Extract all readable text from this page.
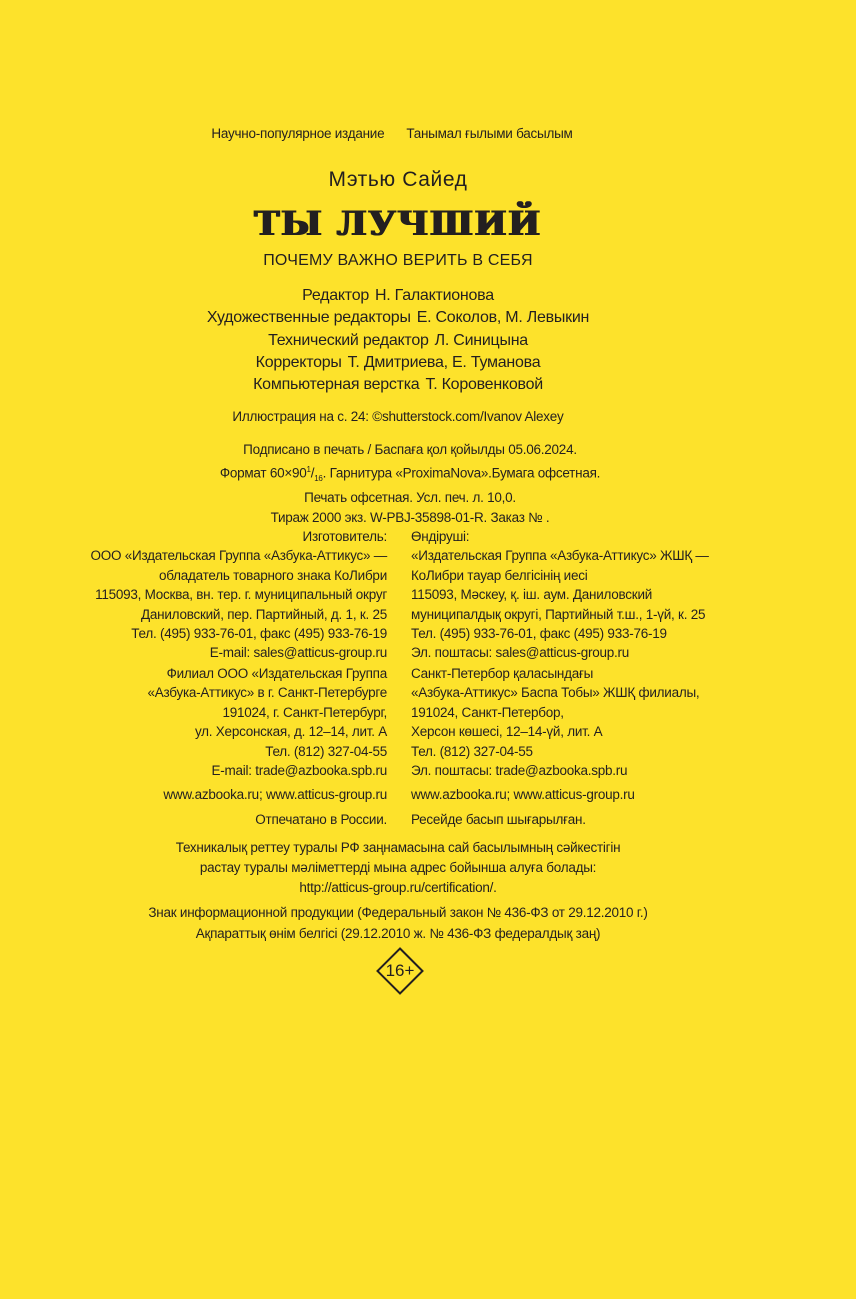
Научно-популярное издание Танымал ғылыми басылым
Мэтью Сайед
ТЫ ЛУЧШИЙ
ПОЧЕМУ ВАЖНО ВЕРИТЬ В СЕБЯ
Редактор Н. Галактионова
Художественные редакторы Е. Соколов, М. Левыкин
Технический редактор Л. Синицына
Корректоры Т. Дмитриева, Е. Туманова
Компьютерная верстка Т. Коровенковой
Иллюстрация на с. 24: ©shutterstock.com/Ivanov Alexey
Подписано в печать / Баспаға қол қойылды 05.06.2024.
Формат $60\times 90^1/_{16}$. Гарнитура «ProximaNova».Бумага офсетная.
Печать офсетная. Усл. печ. л. 10,0.
Тираж 2000 экз. W-PBJ-35898-01-R. Заказ № .
Изготовитель:
ООО «Издательская Группа «Азбука-Аттикус» —
обладатель товарного знака КоЛибри
115093, Москва, вн. тер. г. муниципальный округ
Даниловский, пер. Партийный, д. 1, к. 25
Тел. (495) 933-76-01, факс (495) 933-76-19
E-mail: sales@atticus-group.ru
Өндіруші:
«Издательская Группа «Азбука-Аттикус» ЖШҚ —
КоЛибри тауар белгісінің иесі
115093, Мәскеу, қ. іш. аум. Даниловский
муниципалдық округі, Партийный т.ш., 1-үй, к. 25
Тел. (495) 933-76-01, факс (495) 933-76-19
Эл. поштасы: sales@atticus-group.ru
Филиал ООО «Издательская Группа
«Азбука-Аттикус» в г. Санкт-Петербурге
191024, г. Санкт-Петербург,
ул. Херсонская, д. 12–14, лит. А
Тел. (812) 327-04-55
E-mail: trade@azbooka.spb.ru
Санкт-Петербор қаласындағы
«Азбука-Аттикус» Баспа Тобы» ЖШҚ филиалы,
191024, Санкт-Петербор,
Херсон көшесі, 12–14-үй, лит. А
Тел. (812) 327-04-55
Эл. поштасы: trade@azbooka.spb.ru
www.azbooka.ru; www.atticus-group.ru www.azbooka.ru; www.atticus-group.ru
Отпечатано в России. Ресейде басып шығарылған.
Техникалық реттеу туралы РФ заңнамасына сай басылымның сәйкестігін
растау туралы мәліметтерді мына адрес бойынша алуға болады:
http://atticus-group.ru/certification/.
Знак информационной продукции (Федеральный закон № 436-ФЗ от 29.12.2010 г.)
Ақпараттық өнім белгісі (29.12.2010 ж. № 436-ФЗ федералдық заң)
16+
